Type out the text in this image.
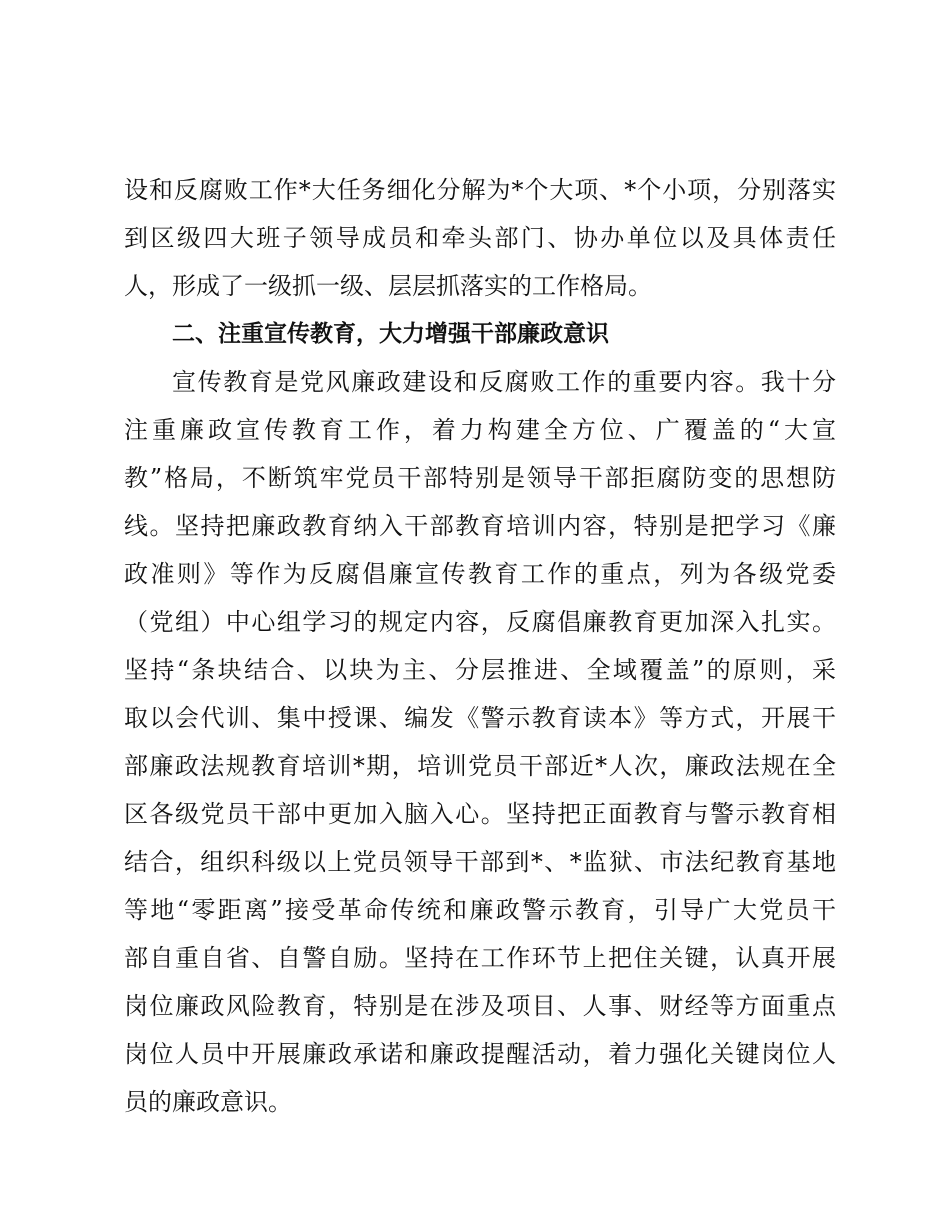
设和反腐败工作*大任务细化分解为*个大项、*个小项，分别落实
到区级四大班子领导成员和牵头部门、协办单位以及具体责任
人，形成了一级抓一级、层层抓落实的工作格局。
二、注重宣传教育，大力增强干部廉政意识
宣传教育是党风廉政建设和反腐败工作的重要内容。我十分
注重廉政宣传教育工作，着力构建全方位、广覆盖的“大宣
教”格局，不断筑牢党员干部特别是领导干部拒腐防变的思想防
线。坚持把廉政教育纳入干部教育培训内容，特别是把学习《廉
政准则》等作为反腐倡廉宣传教育工作的重点，列为各级党委
（党组）中心组学习的规定内容，反腐倡廉教育更加深入扎实。
坚持“条块结合、以块为主、分层推进、全域覆盖”的原则，采
取以会代训、集中授课、编发《警示教育读本》等方式，开展干
部廉政法规教育培训*期，培训党员干部近*人次，廉政法规在全
区各级党员干部中更加入脑入心。坚持把正面教育与警示教育相
结合，组织科级以上党员领导干部到*、*监狱、市法纪教育基地
等地“零距离”接受革命传统和廉政警示教育，引导广大党员干
部自重自省、自警自励。坚持在工作环节上把住关键，认真开展
岗位廉政风险教育，特别是在涉及项目、人事、财经等方面重点
岗位人员中开展廉政承诺和廉政提醒活动，着力强化关键岗位人
员的廉政意识。
